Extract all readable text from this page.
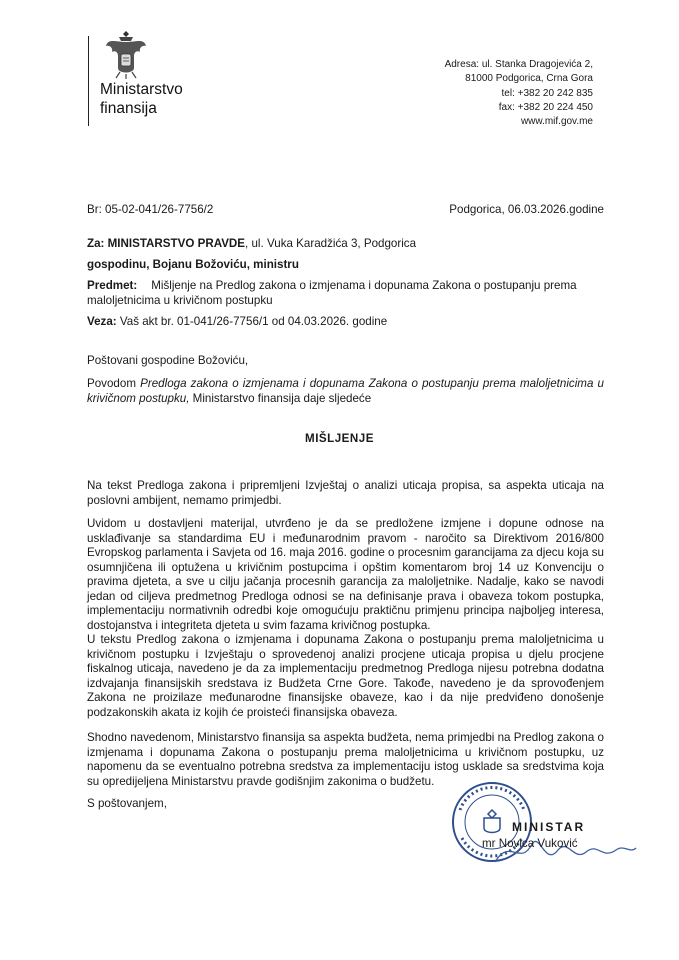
Ministarstvo
finansija
Adresa: ul. Stanka Dragojevića 2,
81000 Podgorica, Crna Gora
tel: +382 20 242 835
fax: +382 20 224 450
www.mif.gov.me
Br: 05-02-041/26-7756/2	Podgorica, 06.03.2026.godine
Za: MINISTARSTVO PRAVDE, ul. Vuka Karadžića 3, Podgorica
gospodinu, Bojanu Božoviću, ministru
Predmet: Mišljenje na Predlog zakona o izmjenama i dopunama Zakona o postupanju prema maloljetnicima u krivičnom postupku
Veza: Vaš akt br. 01-041/26-7756/1 od 04.03.2026. godine
Poštovani gospodine Božoviću,
Povodom Predloga zakona o izmjenama i dopunama Zakona o postupanju prema maloljetnicima u krivičnom postupku, Ministarstvo finansija daje sljedeće
MIŠLJENJE
Na tekst Predloga zakona i pripremljeni Izvještaj o analizi uticaja propisa, sa aspekta uticaja na poslovni ambijent, nemamo primjedbi.
Uvidom u dostavljeni materijal, utvrđeno je da se predložene izmjene i dopune odnose na usklađivanje sa standardima EU i međunarodnim pravom - naročito sa Direktivom 2016/800 Evropskog parlamenta i Savjeta od 16. maja 2016. godine o procesnim garancijama za djecu koja su osumnjičena ili optužena u krivičnim postupcima i opštim komentarom broj 14 uz Konvenciju o pravima djeteta, a sve u cilju jačanja procesnih garancija za maloljetnike. Nadalje, kako se navodi jedan od ciljeva predmetnog Predloga odnosi se na definisanje prava i obaveza tokom postupka, implementaciju normativnih odredbi koje omogućuju praktičnu primjenu principa najboljeg interesa, dostojanstva i integriteta djeteta u svim fazama krivičnog postupka.
U tekstu Predlog zakona o izmjenama i dopunama Zakona o postupanju prema maloljetnicima u krivičnom postupku i Izvještaju o sprovedenoj analizi procjene uticaja propisa u djelu procjene fiskalnog uticaja, navedeno je da za implementaciju predmetnog Predloga nijesu potrebna dodatna izdvajanja finansijskih sredstava iz Budžeta Crne Gore. Takođe, navedeno je da sprovođenjem Zakona ne proizilaze međunarodne finansijske obaveze, kao i da nije predviđeno donošenje podzakonskih akata iz kojih će proisteći finansijska obaveza.
Shodno navedenom, Ministarstvo finansija sa aspekta budžeta, nema primjedbi na Predlog zakona o izmjenama i dopunama Zakona o postupanju prema maloljetnicima u krivičnom postupku, uz napomenu da se eventualno potrebna sredstva za implementaciju istog usklade sa sredstvima koja su opredijeljena Ministarstvu pravde godišnjim zakonima o budžetu.
S poštovanjem,
MINISTAR
mr Novica Vuković
